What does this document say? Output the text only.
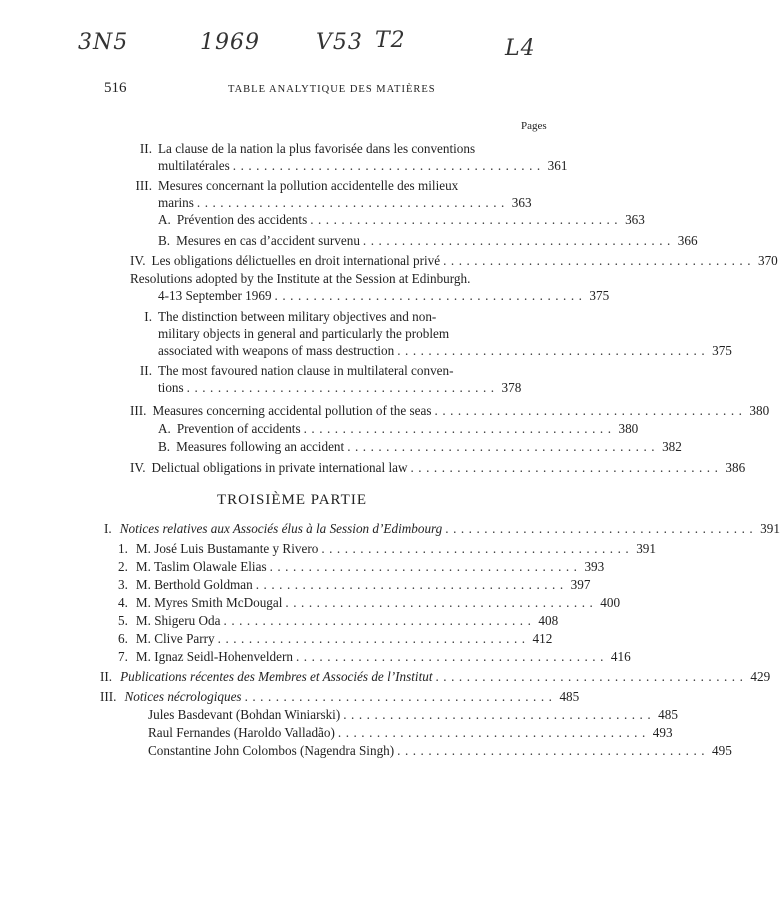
3N5	1969	V53 T2	L4
516	TABLE ANALYTIQUE DES MATIÈRES
Pages
II. La clause de la nation la plus favorisée dans les conventions
multilatérales ........................................ 361
III. Mesures concernant la pollution accidentelle des milieux
marins ........................................ 363
A. Prévention des accidents ........................................ 363
B. Mesures en cas d’accident survenu ........................................ 366
IV. Les obligations délictuelles en droit international privé ........................................ 370
Resolutions adopted by the Institute at the Session at Edinburgh.
4-13 September 1969 ........................................ 375
I. The distinction between military objectives and non-
military objects in general and particularly the problem
associated with weapons of mass destruction ........................................ 375
II. The most favoured nation clause in multilateral conven-
tions ........................................ 378
III. Measures concerning accidental pollution of the seas ........................................ 380
A. Prevention of accidents ........................................ 380
B. Measures following an accident ........................................ 382
IV. Delictual obligations in private international law ........................................ 386
TROISIÈME PARTIE
I. Notices relatives aux Associés élus à la Session d’Edimbourg ........................................ 391
1. M. José Luis Bustamante y Rivero ........................................ 391
2. M. Taslim Olawale Elias ........................................ 393
3. M. Berthold Goldman ........................................ 397
4. M. Myres Smith McDougal ........................................ 400
5. M. Shigeru Oda ........................................ 408
6. M. Clive Parry ........................................ 412
7. M. Ignaz Seidl-Hohenveldern ........................................ 416
II. Publications récentes des Membres et Associés de l’Institut ........................................ 429
III. Notices nécrologiques ........................................ 485
Jules Basdevant (Bohdan Winiarski) ........................................ 485
Raul Fernandes (Haroldo Valladão) ........................................ 493
Constantine John Colombos (Nagendra Singh) ........................................ 495
